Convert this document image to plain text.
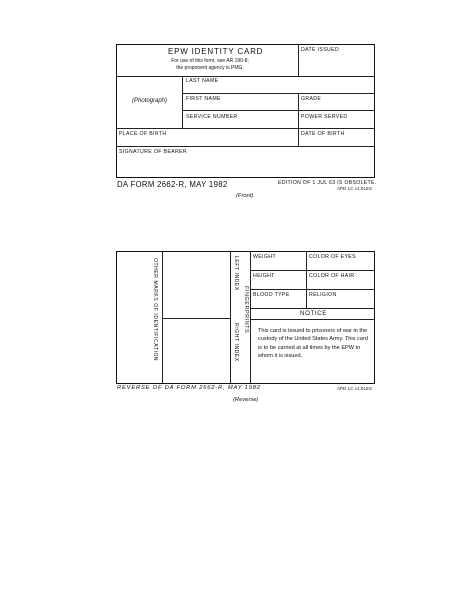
EPW IDENTITY CARD
For use of this form, see AR 190-8;
the proponent agency is PMG.
DATE ISSUED
(Photograph)
LAST NAME
FIRST NAME	GRADE
SERVICE NUMBER	POWER SERVED
PLACE OF BIRTH	DATE OF BIRTH
SIGNATURE OF BEARER
DA FORM 2662-R, MAY 1982	EDITION OF 1 JUL 63 IS OBSOLETE.
APD LC v1.01ES
(Front)
OTHER MARKS OF IDENTIFICATION	LEFT INDEX
RIGHT INDEX
FINGERPRINTS
WEIGHT	COLOR OF EYES
HEIGHT	COLOR OF HAIR
BLOOD TYPE	RELIGION
NOTICE
This card is issued to prisoners of war in the custody of the United States Army. This card is to be carried at all times by the EPW to whom it is issued.
REVERSE OF DA FORM 2662-R, MAY 1982	APD LC v1.01ES
(Reverse)
